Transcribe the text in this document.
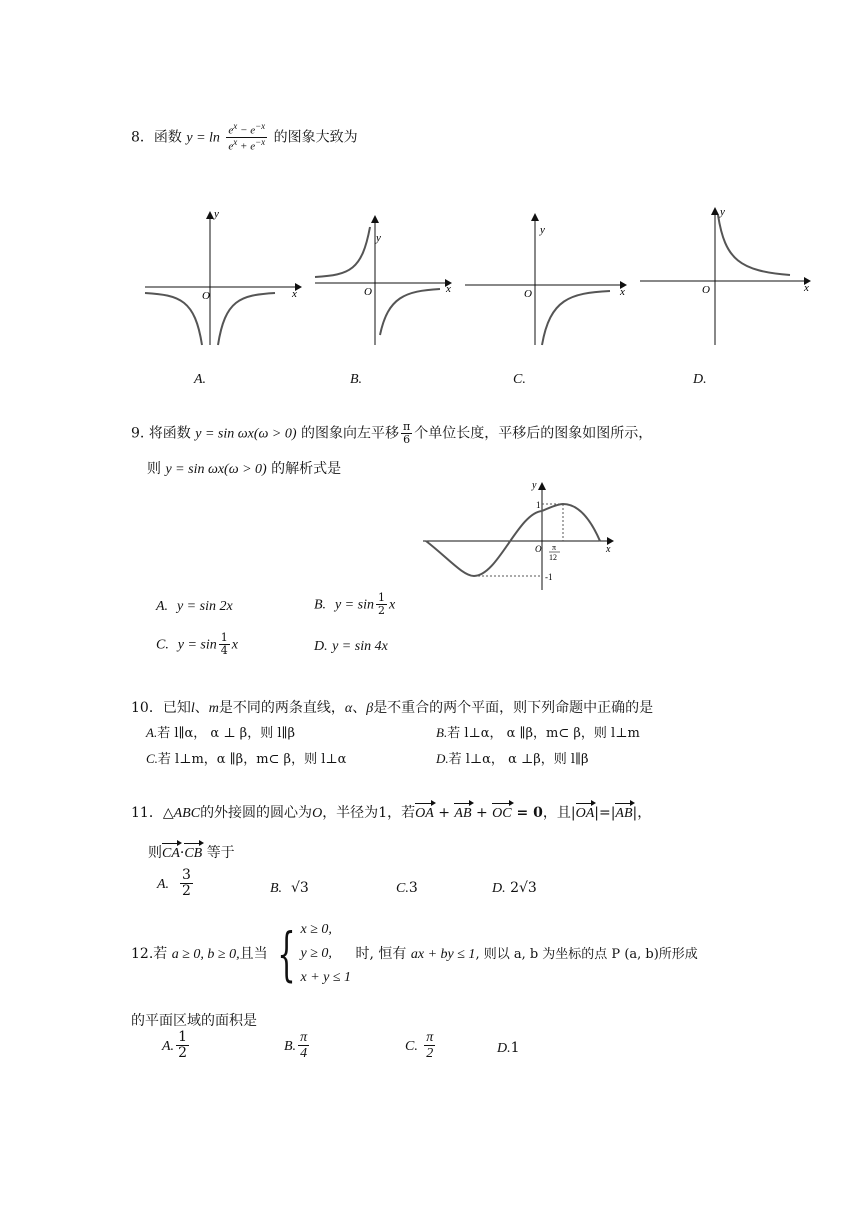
8．函数 $y = \ln \frac{e^x - e^{-x}}{e^x + e^{-x}}$ 的图象大致为
y
x
O
y
x
O
y
x
O
y
x
O
A.	B.	C.	D.
9. 将函数 y = sin ωx(ω > 0) 的图象向左平移 $\frac{\pi}{6}$ 个单位长度，平移后的图象如图所示，
则 y = sin ωx(ω > 0) 的解析式是
y
x
O
1
-1
π
12
A. y = sin 2x	B. $y = \sin \frac{1}{2}$ x
C. $y = \sin \frac{1}{4}$ x	D. y = sin 4x
10．已知l、m是不同的两条直线，α、β是不重合的两个平面，则下列命题中正确的是
A.若 l∥α， α ⊥ β，则 l∥β	B.若 l⊥α， α ∥β，m⊂ β，则 l⊥m
C.若 l⊥m，α ∥β，m⊂ β，则 l⊥α	D.若 l⊥α， α ⊥β，则 l∥β
11．△ABC的外接圆的圆心为O，半径为1，若OA + AB + OC = 0，且|OA|=|AB|，
则CA·CB 等于
A. $\frac{3}{2}$	B. √3	C.3	D. 2√3
12.若 a ≥ 0, b ≥ 0,且当 { x ≥ 0,
y ≥ 0,
x + y ≤ 1
时, 恒有 ax + by ≤ 1, 则以 a, b 为坐标的点 P (a, b)所形成
的平面区域的面积是
A. $\frac{1}{2}$	B. $\frac{\pi}{4}$	C. $\frac{\pi}{2}$	D.1
